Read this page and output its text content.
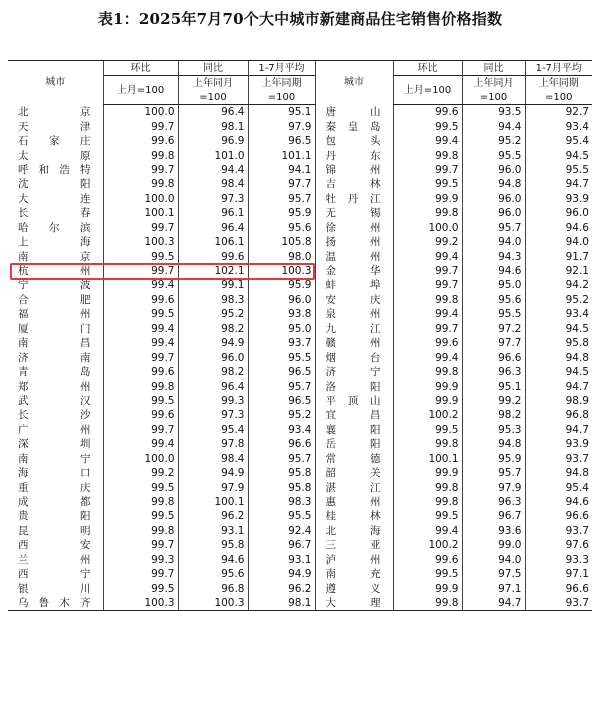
表1：2025年7月70个大中城市新建商品住宅销售价格指数
城市	环比	同比	1-7月平均	城市	环比	同比	1-7月平均
	上月=100	上年同月	上年同期		上月=100	上年同月	上年同期
		=100	=100			=100	=100
北京	100.0	96.4	95.1	唐山	99.6	93.5	92.7
天津	99.7	98.1	97.9	秦皇岛	99.5	94.4	93.4
石家庄	99.6	96.9	96.5	包头	99.4	95.2	95.4
太原	99.8	101.0	101.1	丹东	99.8	95.5	94.5
呼和浩特	99.7	94.4	94.1	锦州	99.7	96.0	95.5
沈阳	99.8	98.4	97.7	吉林	99.5	94.8	94.7
大连	100.0	97.3	95.7	牡丹江	99.9	96.0	93.9
长春	100.1	96.1	95.9	无锡	99.8	96.0	96.0
哈尔滨	99.7	96.4	95.6	徐州	100.0	95.7	94.6
上海	100.3	106.1	105.8	扬州	99.2	94.0	94.0
南京	99.5	99.6	98.0	温州	99.4	94.3	91.7
杭州	99.7	102.1	100.3	金华	99.7	94.6	92.1
宁波	99.4	99.1	95.9	蚌埠	99.7	95.0	94.2
合肥	99.6	98.3	96.0	安庆	99.8	95.6	95.2
福州	99.5	95.2	93.8	泉州	99.4	95.5	93.4
厦门	99.4	98.2	95.0	九江	99.7	97.2	94.5
南昌	99.4	94.9	93.7	赣州	99.6	97.7	95.8
济南	99.7	96.0	95.5	烟台	99.4	96.6	94.8
青岛	99.6	98.2	96.5	济宁	99.8	96.3	94.5
郑州	99.8	96.4	95.7	洛阳	99.9	95.1	94.7
武汉	99.5	99.3	96.5	平顶山	99.9	99.2	98.9
长沙	99.6	97.3	95.2	宜昌	100.2	98.2	96.8
广州	99.7	95.4	93.4	襄阳	99.5	95.3	94.7
深圳	99.4	97.8	96.6	岳阳	99.8	94.8	93.9
南宁	100.0	98.4	95.7	常德	100.1	95.9	93.7
海口	99.2	94.9	95.8	韶关	99.9	95.7	94.8
重庆	99.5	97.9	95.8	湛江	99.8	97.9	95.4
成都	99.8	100.1	98.3	惠州	99.8	96.3	94.6
贵阳	99.5	96.2	95.5	桂林	99.5	96.7	96.6
昆明	99.8	93.1	92.4	北海	99.4	93.6	93.7
西安	99.7	95.8	96.7	三亚	100.2	99.0	97.6
兰州	99.3	94.6	93.1	泸州	99.6	94.0	93.3
西宁	99.7	95.6	94.9	南充	99.5	97.5	97.1
银川	99.5	96.8	96.2	遵义	99.9	97.1	96.6
乌鲁木齐	100.3	100.3	98.1	大理	99.8	94.7	93.7
